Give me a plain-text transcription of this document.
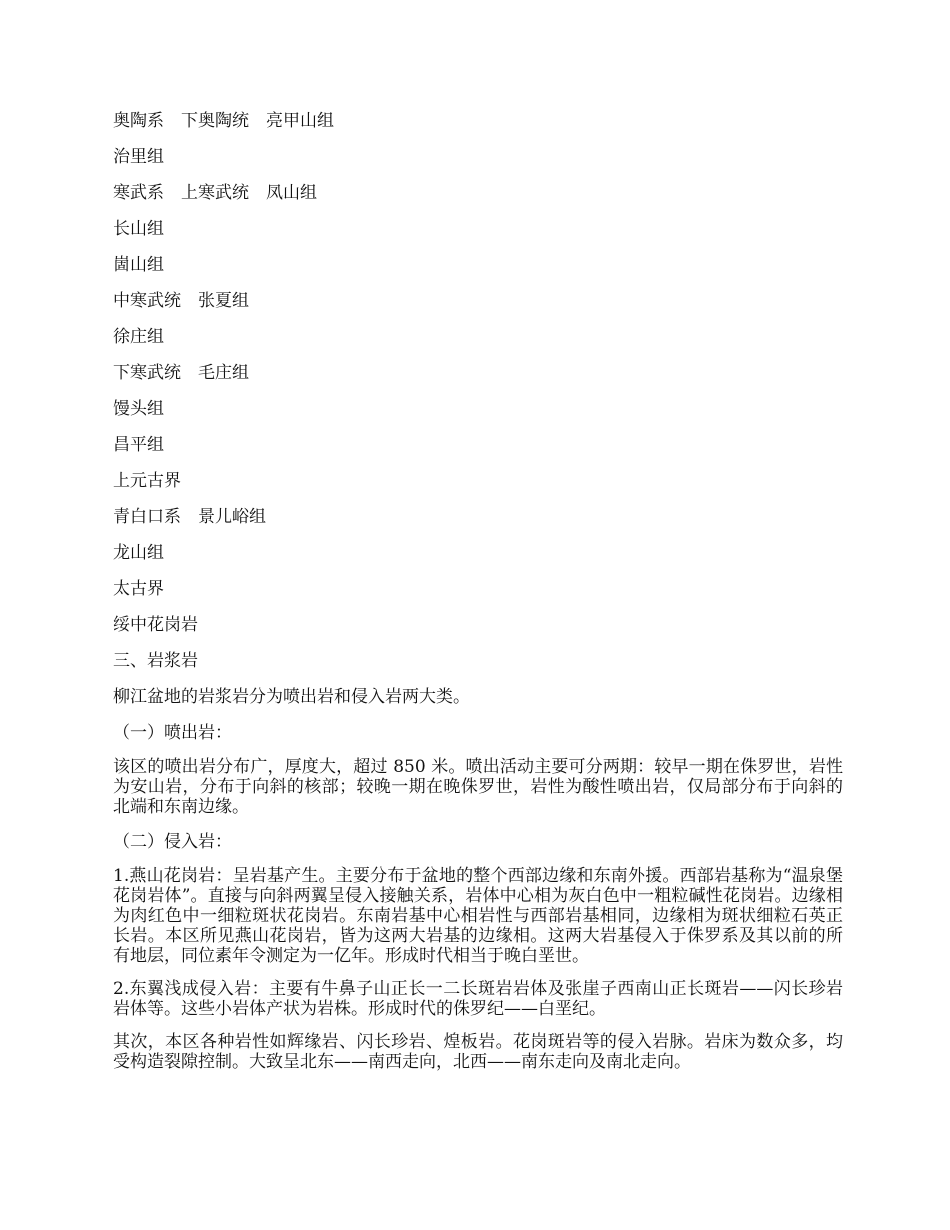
奥陶系　下奥陶统　亮甲山组
治里组
寒武系　上寒武统　凤山组
长山组
崮山组
中寒武统　张夏组
徐庄组
下寒武统　毛庄组
馒头组
昌平组
上元古界
青白口系　景儿峪组
龙山组
太古界
绥中花岗岩
三、岩浆岩
柳江盆地的岩浆岩分为喷出岩和侵入岩两大类。
（一）喷出岩：
该区的喷出岩分布广，厚度大，超过 850 米。喷出活动主要可分两期：较早一期在侏罗世，岩性为安山岩，分布于向斜的核部；较晚一期在晚侏罗世，岩性为酸性喷出岩，仅局部分布于向斜的北端和东南边缘。
（二）侵入岩：
1.燕山花岗岩：呈岩基产生。主要分布于盆地的整个西部边缘和东南外援。西部岩基称为“温泉堡花岗岩体”。直接与向斜两翼呈侵入接触关系，岩体中心相为灰白色中一粗粒碱性花岗岩。边缘相为肉红色中一细粒斑状花岗岩。东南岩基中心相岩性与西部岩基相同，边缘相为斑状细粒石英正长岩。本区所见燕山花岗岩，皆为这两大岩基的边缘相。这两大岩基侵入于侏罗系及其以前的所有地层，同位素年令测定为一亿年。形成时代相当于晚白垩世。
2.东翼浅成侵入岩：主要有牛鼻子山正长一二长斑岩岩体及张崖子西南山正长斑岩——闪长珍岩岩体等。这些小岩体产状为岩株。形成时代的侏罗纪——白垩纪。
其次，本区各种岩性如辉缘岩、闪长珍岩、煌板岩。花岗斑岩等的侵入岩脉。岩床为数众多，均受构造裂隙控制。大致呈北东——南西走向，北西——南东走向及南北走向。
